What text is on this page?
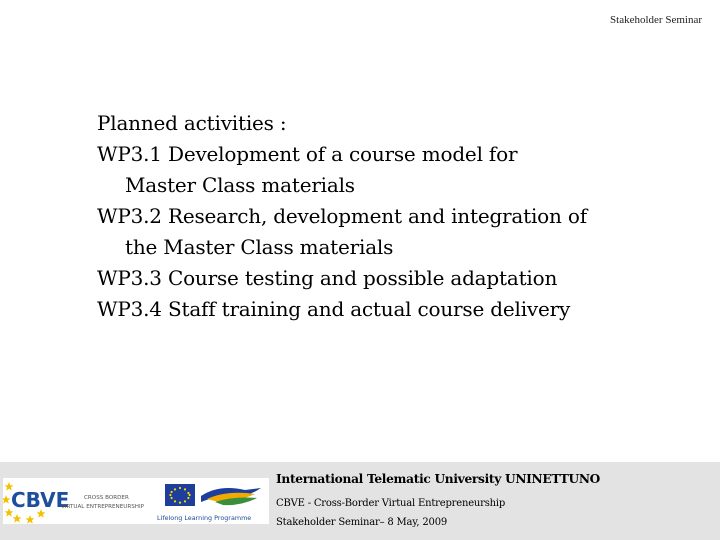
Stakeholder Seminar
Planned activities :
WP3.1 Development of a course model for
Master Class materials
WP3.2 Research, development and integration of
the Master Class materials
WP3.3 Course testing and possible adaptation
WP3.4 Staff training and actual course delivery
CBVE	CROSS BORDER
VIRTUAL ENTREPRENEURSHIP
Lifelong Learning Programme
International Telematic University UNINETTUNO
CBVE - Cross-Border Virtual Entrepreneurship
Stakeholder Seminar– 8 May, 2009
